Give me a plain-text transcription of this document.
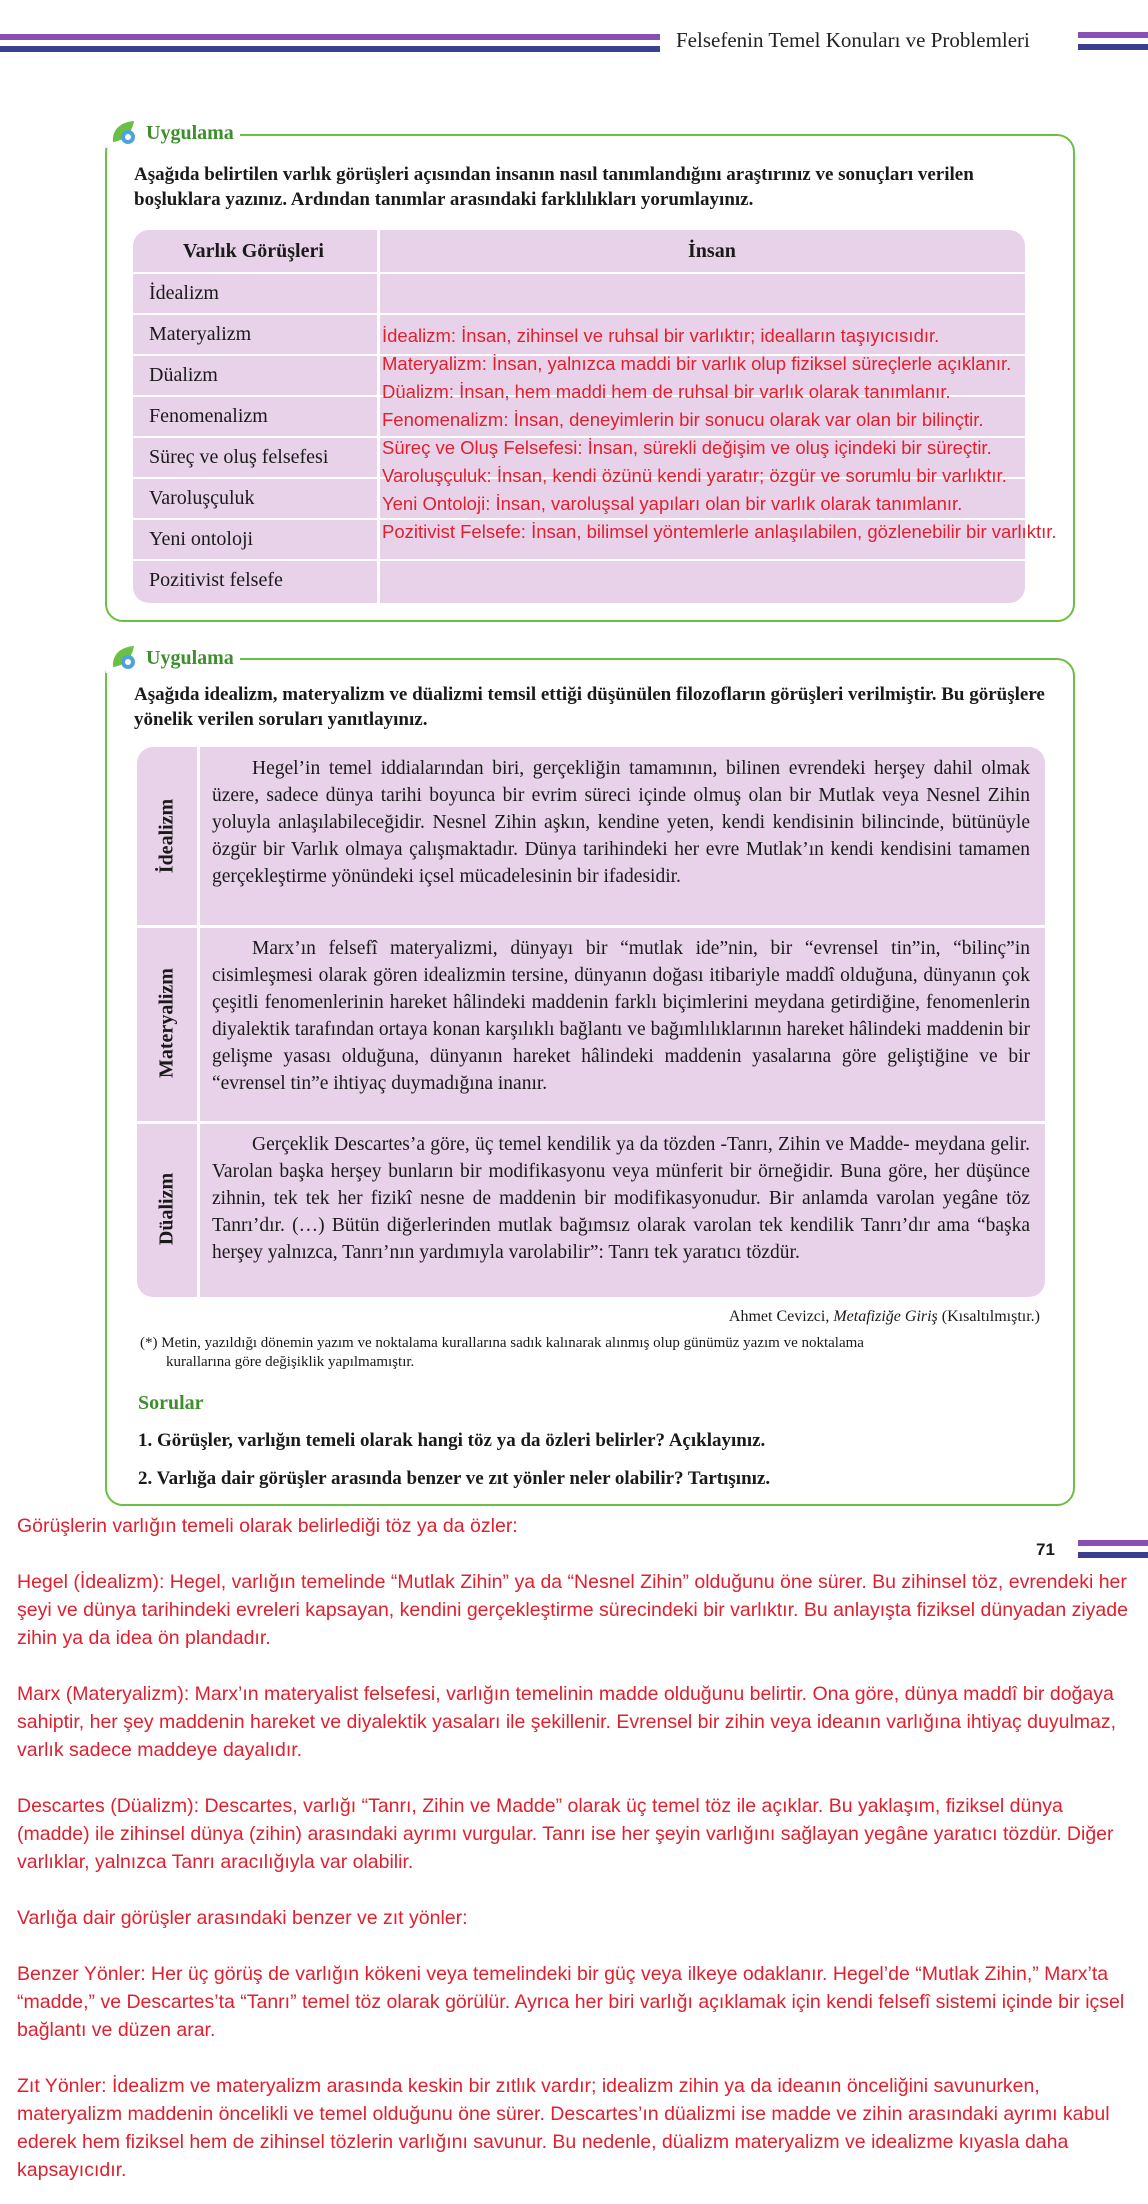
Felsefenin Temel Konuları ve Problemleri
Uygulama
Aşağıda belirtilen varlık görüşleri açısından insanın nasıl tanımlandığını araştırınız ve sonuçları verilen boşluklara yazınız. Ardından tanımlar arasındaki farklılıkları yorumlayınız.
Varlık Görüşleri	İnsan
İdealizm
Materyalizm
Düalizm
Fenomenalizm
Süreç ve oluş felsefesi
Varoluşçuluk
Yeni ontoloji
Pozitivist felsefe
İdealizm: İnsan, zihinsel ve ruhsal bir varlıktır; idealların taşıyıcısıdır.
Materyalizm: İnsan, yalnızca maddi bir varlık olup fiziksel süreçlerle açıklanır.
Düalizm: İnsan, hem maddi hem de ruhsal bir varlık olarak tanımlanır.
Fenomenalizm: İnsan, deneyimlerin bir sonucu olarak var olan bir bilinçtir.
Süreç ve Oluş Felsefesi: İnsan, sürekli değişim ve oluş içindeki bir süreçtir.
Varoluşçuluk: İnsan, kendi özünü kendi yaratır; özgür ve sorumlu bir varlıktır.
Yeni Ontoloji: İnsan, varoluşsal yapıları olan bir varlık olarak tanımlanır.
Pozitivist Felsefe: İnsan, bilimsel yöntemlerle anlaşılabilen, gözlenebilir bir varlıktır.
Uygulama
Aşağıda idealizm, materyalizm ve düalizmi temsil ettiği düşünülen filozofların görüşleri verilmiştir. Bu görüşlere yönelik verilen soruları yanıtlayınız.
İdealizm
Hegel’in temel iddialarından biri, gerçekliğin tamamının, bilinen evrendeki herşey dahil olmak üzere, sadece dünya tarihi boyunca bir evrim süreci içinde olmuş olan bir Mutlak veya Nesnel Zihin yoluyla anlaşılabileceğidir. Nesnel Zihin aşkın, kendine yeten, kendi kendisinin bilincinde, bütünüyle özgür bir Varlık olmaya çalışmaktadır. Dünya tarihindeki her evre Mutlak’ın kendi kendisini tamamen gerçekleştirme yönündeki içsel mücadelesinin bir ifadesidir.
Materyalizm
Marx’ın felsefî materyalizmi, dünyayı bir “mutlak ide”nin, bir “evrensel tin”in, “bilinç”in cisimleşmesi olarak gören idealizmin tersine, dünyanın doğası itibariyle maddî olduğuna, dünyanın çok çeşitli fenomenlerinin hareket hâlindeki maddenin farklı biçimlerini meydana getirdiğine, fenomenlerin diyalektik tarafından ortaya konan karşılıklı bağlantı ve bağımlılıklarının hareket hâlindeki maddenin bir gelişme yasası olduğuna, dünyanın hareket hâlindeki maddenin yasalarına göre geliştiğine ve bir “evrensel tin”e ihtiyaç duymadığına inanır.
Düalizm
Gerçeklik Descartes’a göre, üç temel kendilik ya da tözden -Tanrı, Zihin ve Madde- meydana gelir. Varolan başka herşey bunların bir modifikasyonu veya münferit bir örneğidir. Buna göre, her düşünce zihnin, tek tek her fizikî nesne de maddenin bir modifikasyonudur. Bir anlamda varolan yegâne töz Tanrı’dır. (…) Bütün diğerlerinden mutlak bağımsız olarak varolan tek kendilik Tanrı’dır ama “başka herşey yalnızca, Tanrı’nın yardımıyla varolabilir”: Tanrı tek yaratıcı tözdür.
Ahmet Cevizci, Metafiziğe Giriş (Kısaltılmıştır.)
(*) Metin, yazıldığı dönemin yazım ve noktalama kurallarına sadık kalınarak alınmış olup günümüz yazım ve noktalama
kurallarına göre değişiklik yapılmamıştır.
Sorular
1. Görüşler, varlığın temeli olarak hangi töz ya da özleri belirler? Açıklayınız.
2. Varlığa dair görüşler arasında benzer ve zıt yönler neler olabilir? Tartışınız.
71
Görüşlerin varlığın temeli olarak belirlediği töz ya da özler:
Hegel (İdealizm): Hegel, varlığın temelinde “Mutlak Zihin” ya da “Nesnel Zihin” olduğunu öne sürer. Bu zihinsel töz, evrendeki her şeyi ve dünya tarihindeki evreleri kapsayan, kendini gerçekleştirme sürecindeki bir varlıktır. Bu anlayışta fiziksel dünyadan ziyade zihin ya da idea ön plandadır.
Marx (Materyalizm): Marx’ın materyalist felsefesi, varlığın temelinin madde olduğunu belirtir. Ona göre, dünya maddî bir doğaya sahiptir, her şey maddenin hareket ve diyalektik yasaları ile şekillenir. Evrensel bir zihin veya ideanın varlığına ihtiyaç duyulmaz, varlık sadece maddeye dayalıdır.
Descartes (Düalizm): Descartes, varlığı “Tanrı, Zihin ve Madde” olarak üç temel töz ile açıklar. Bu yaklaşım, fiziksel dünya (madde) ile zihinsel dünya (zihin) arasındaki ayrımı vurgular. Tanrı ise her şeyin varlığını sağlayan yegâne yaratıcı tözdür. Diğer varlıklar, yalnızca Tanrı aracılığıyla var olabilir.
Varlığa dair görüşler arasındaki benzer ve zıt yönler:
Benzer Yönler: Her üç görüş de varlığın kökeni veya temelindeki bir güç veya ilkeye odaklanır. Hegel’de “Mutlak Zihin,” Marx’ta “madde,” ve Descartes’ta “Tanrı” temel töz olarak görülür. Ayrıca her biri varlığı açıklamak için kendi felsefî sistemi içinde bir içsel bağlantı ve düzen arar.
Zıt Yönler: İdealizm ve materyalizm arasında keskin bir zıtlık vardır; idealizm zihin ya da ideanın önceliğini savunurken, materyalizm maddenin öncelikli ve temel olduğunu öne sürer. Descartes’ın düalizmi ise madde ve zihin arasındaki ayrımı kabul ederek hem fiziksel hem de zihinsel tözlerin varlığını savunur. Bu nedenle, düalizm materyalizm ve idealizme kıyasla daha kapsayıcıdır.
